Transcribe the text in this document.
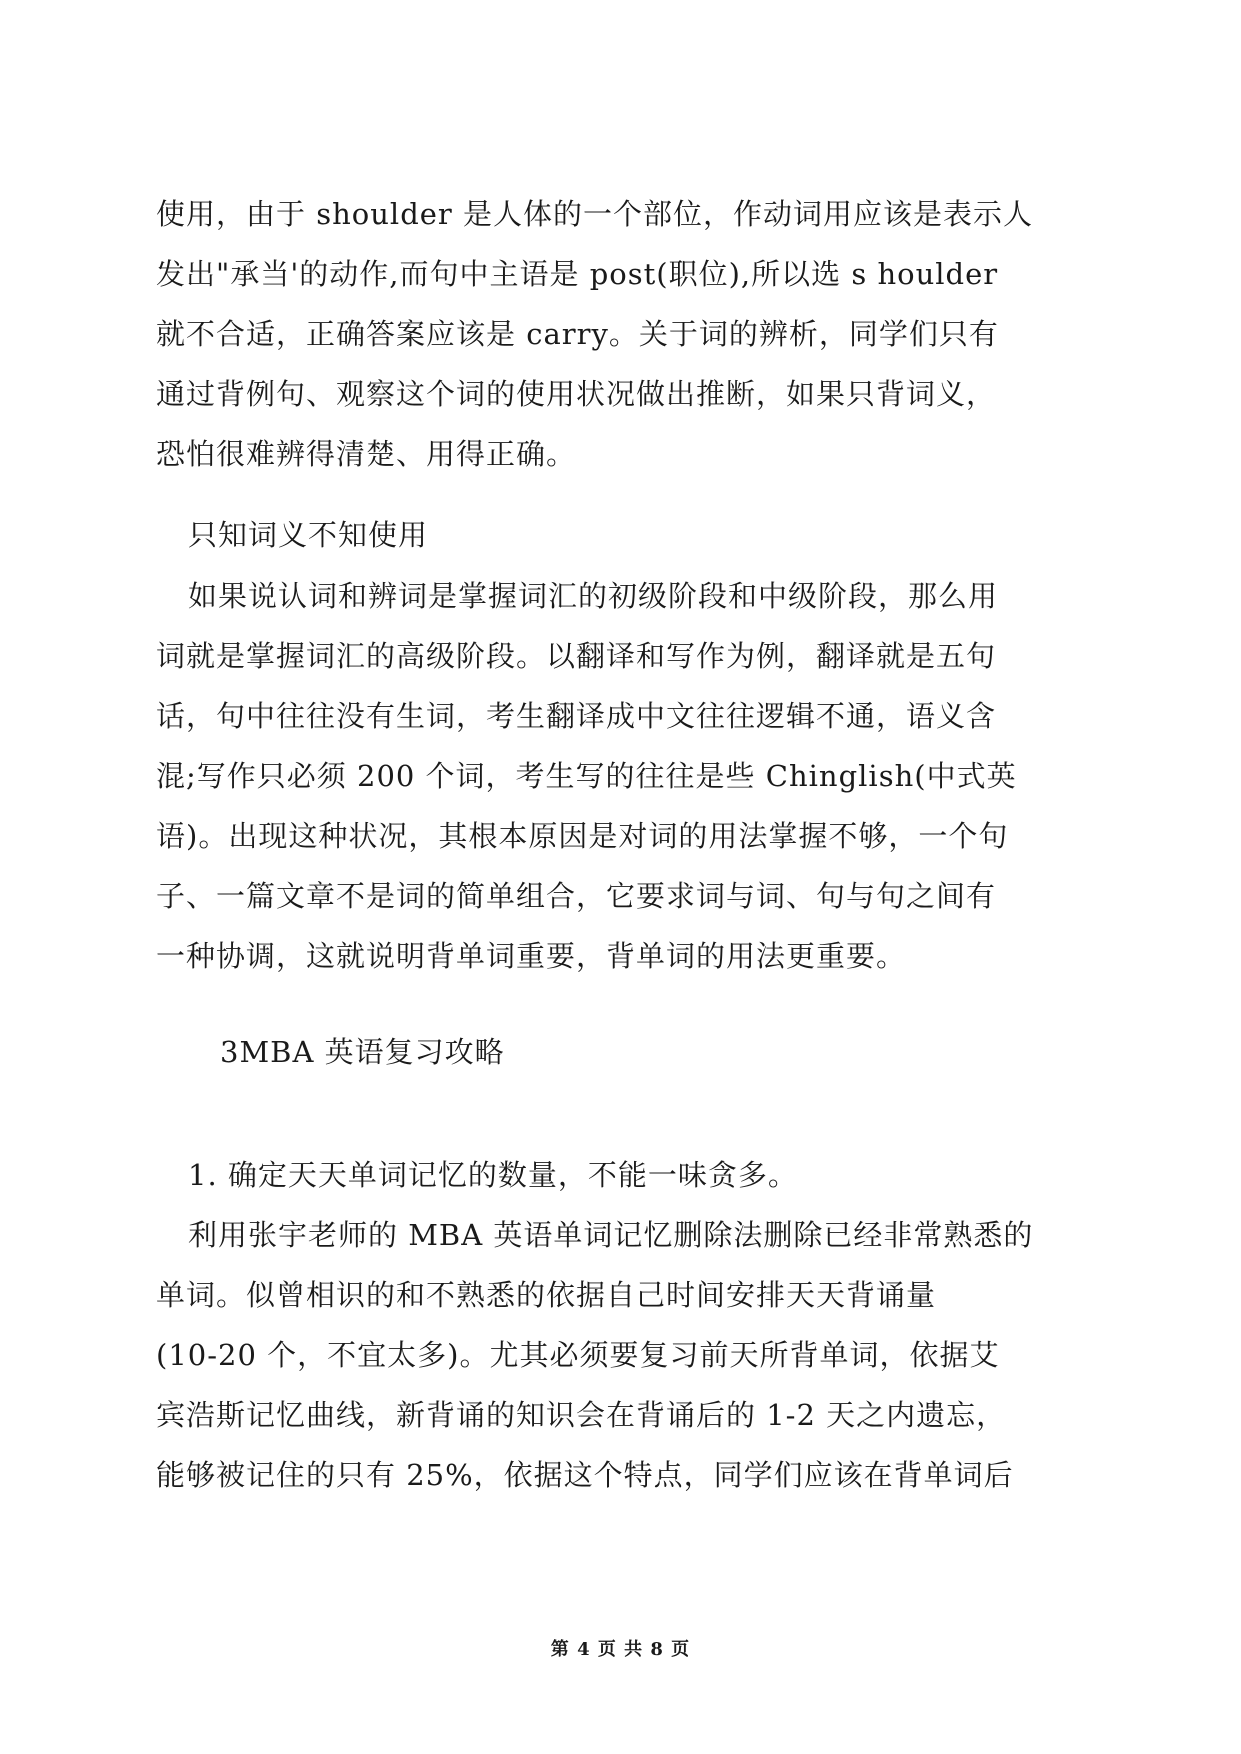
使用，由于 shoulder 是人体的一个部位，作动词用应该是表示人
发出"承当'的动作,而句中主语是 post(职位),所以选 s houlder
就不合适，正确答案应该是 carry。关于词的辨析，同学们只有
通过背例句、观察这个词的使用状况做出推断，如果只背词义，
恐怕很难辨得清楚、用得正确。
只知词义不知使用
如果说认词和辨词是掌握词汇的初级阶段和中级阶段，那么用
词就是掌握词汇的高级阶段。以翻译和写作为例，翻译就是五句
话，句中往往没有生词，考生翻译成中文往往逻辑不通，语义含
混;写作只必须 200 个词，考生写的往往是些 Chinglish(中式英
语)。出现这种状况，其根本原因是对词的用法掌握不够，一个句
子、一篇文章不是词的简单组合，它要求词与词、句与句之间有
一种协调，这就说明背单词重要，背单词的用法更重要。
3MBA 英语复习攻略
1. 确定天天单词记忆的数量，不能一味贪多。
利用张宇老师的 MBA 英语单词记忆删除法删除已经非常熟悉的
单词。似曾相识的和不熟悉的依据自己时间安排天天背诵量
(10-20 个，不宜太多)。尤其必须要复习前天所背单词，依据艾
宾浩斯记忆曲线，新背诵的知识会在背诵后的 1-2 天之内遗忘，
能够被记住的只有 25%，依据这个特点，同学们应该在背单词后
第 4 页 共 8 页
